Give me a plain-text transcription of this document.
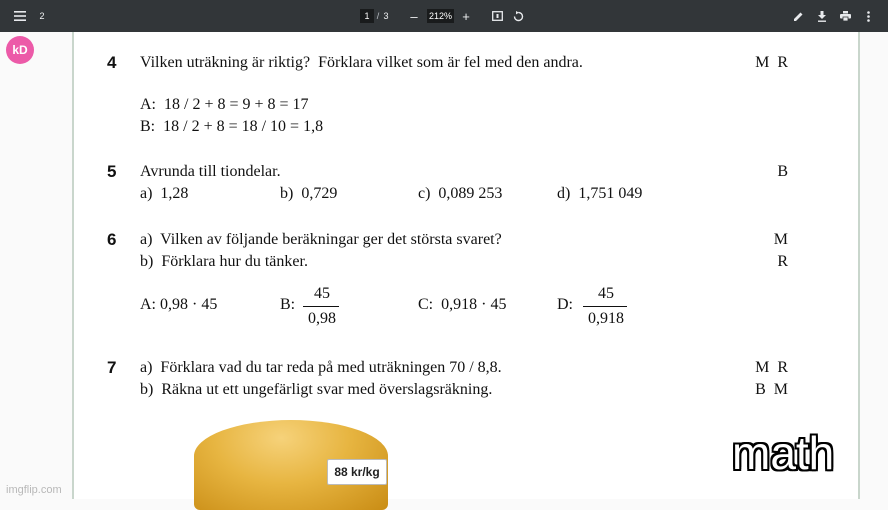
2	1 / 3	–	212% +
4 Vilken uträkning är riktig?  Förklara vilket som är fel med den andra.
A:  18 / 2 + 8 = 9 + 8 = 17
B:  18 / 2 + 8 = 18 / 10 = 1,8
M  R
5 Avrunda till tiondelar.
a)  1,28	b)  0,729	c)  0,089 253	d)  1,751 049
B
6 a)  Vilken av följande beräkningar ger det största svaret?
b)  Förklara hur du tänker.
M
R
A: 0,98 · 45	B:
45
0,98
C:  0,918 · 45	D:
45
0,918
7 a)  Förklara vad du tar reda på med uträkningen 70 / 8,8.
b)  Räkna ut ett ungefärligt svar med överslagsräkning.
M  R
B  M
88 kr/kg
kD
imgflip.com
math
